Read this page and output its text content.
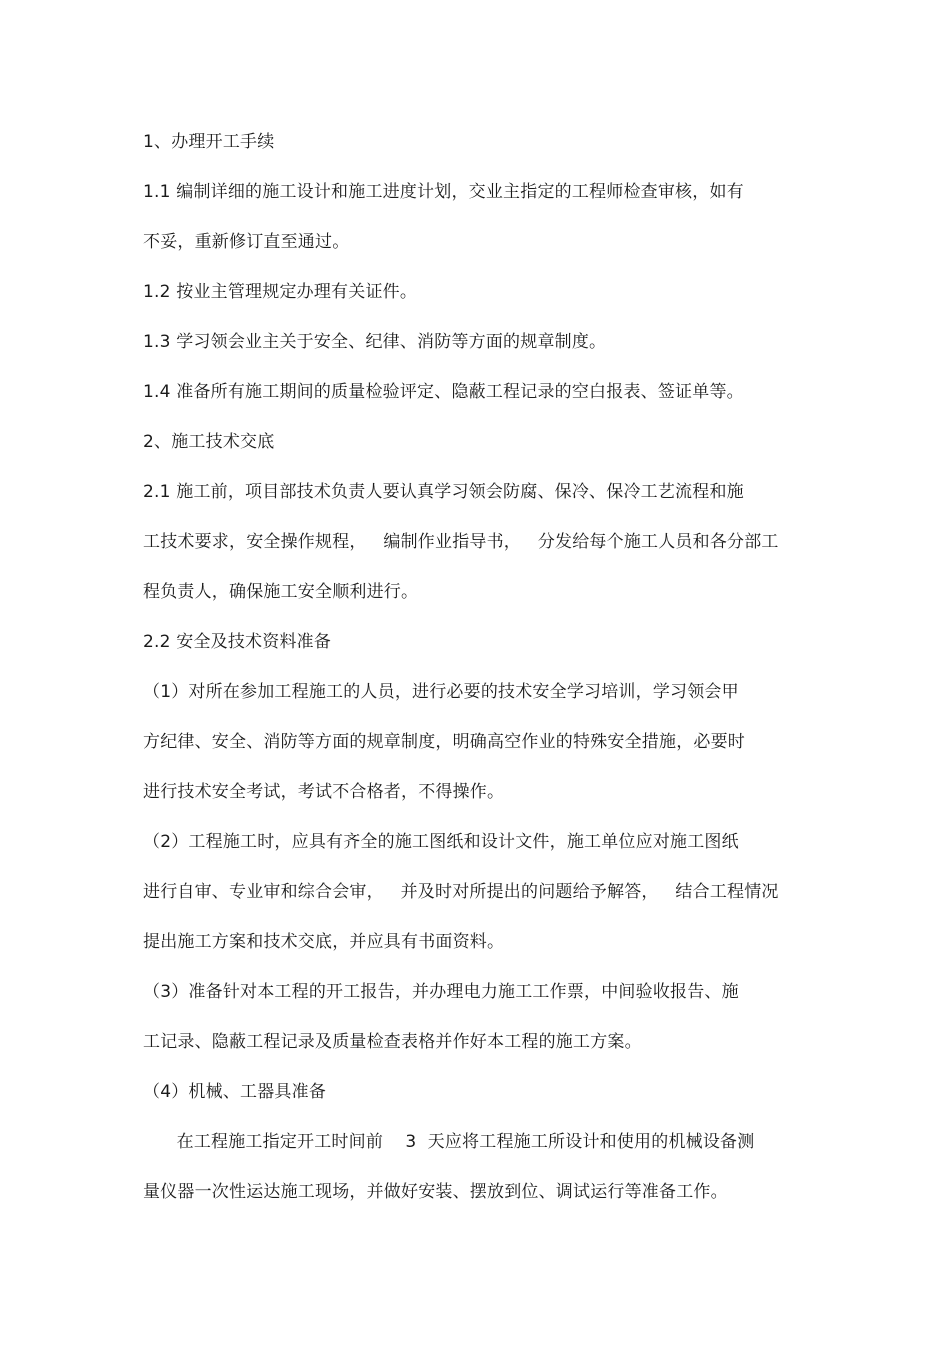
1、办理开工手续
1.1 编制详细的施工设计和施工进度计划，交业主指定的工程师检查审核，如有
不妥，重新修订直至通过。
1.2 按业主管理规定办理有关证件。
1.3 学习领会业主关于安全、纪律、消防等方面的规章制度。
1.4 准备所有施工期间的质量检验评定、隐蔽工程记录的空白报表、签证单等。
2、施工技术交底
2.1 施工前，项目部技术负责人要认真学习领会防腐、保冷、保冷工艺流程和施
工技术要求，安全操作规程，   编制作业指导书，   分发给每个施工人员和各分部工
程负责人，确保施工安全顺利进行。
2.2 安全及技术资料准备
（1）对所在参加工程施工的人员，进行必要的技术安全学习培训，学习领会甲
方纪律、安全、消防等方面的规章制度，明确高空作业的特殊安全措施，必要时
进行技术安全考试，考试不合格者，不得操作。
（2）工程施工时，应具有齐全的施工图纸和设计文件，施工单位应对施工图纸
进行自审、专业审和综合会审，   并及时对所提出的问题给予解答，   结合工程情况
提出施工方案和技术交底，并应具有书面资料。
（3）准备针对本工程的开工报告，并办理电力施工工作票，中间验收报告、施
工记录、隐蔽工程记录及质量检查表格并作好本工程的施工方案。
（4）机械、工器具准备
在工程施工指定开工时间前    3  天应将工程施工所设计和使用的机械设备测
量仪器一次性运达施工现场，并做好安装、摆放到位、调试运行等准备工作。
